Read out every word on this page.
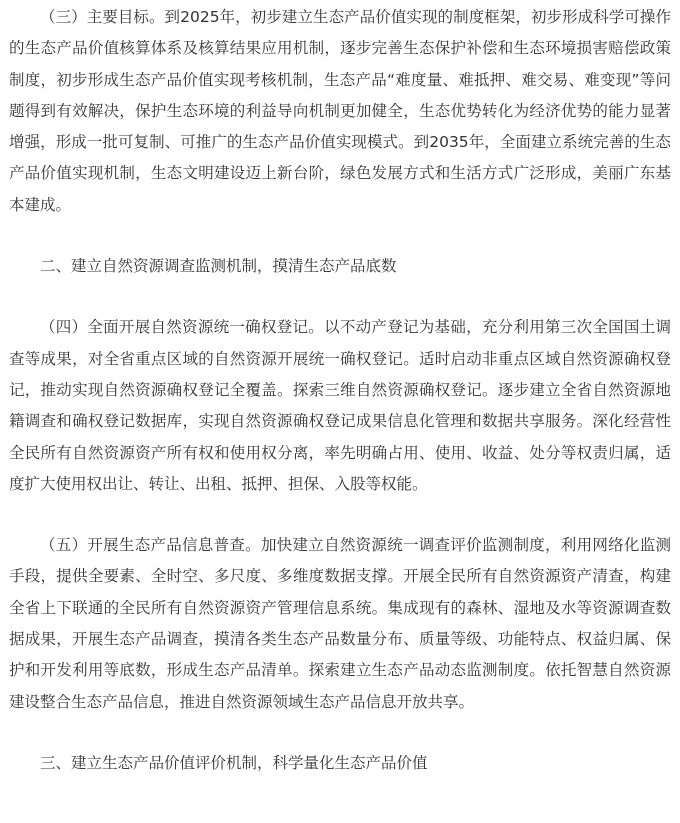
（三）主要目标。到2025年，初步建立生态产品价值实现的制度框架，初步形成科学可操作的生态产品价值核算体系及核算结果应用机制，逐步完善生态保护补偿和生态环境损害赔偿政策制度，初步形成生态产品价值实现考核机制，生态产品“难度量、难抵押、难交易、难变现”等问题得到有效解决，保护生态环境的利益导向机制更加健全，生态优势转化为经济优势的能力显著增强，形成一批可复制、可推广的生态产品价值实现模式。到2035年，全面建立系统完善的生态产品价值实现机制，生态文明建设迈上新台阶，绿色发展方式和生活方式广泛形成，美丽广东基本建成。

二、建立自然资源调查监测机制，摸清生态产品底数

（四）全面开展自然资源统一确权登记。以不动产登记为基础，充分利用第三次全国国土调查等成果，对全省重点区域的自然资源开展统一确权登记。适时启动非重点区域自然资源确权登记，推动实现自然资源确权登记全覆盖。探索三维自然资源确权登记。逐步建立全省自然资源地籍调查和确权登记数据库，实现自然资源确权登记成果信息化管理和数据共享服务。深化经营性全民所有自然资源资产所有权和使用权分离，率先明确占用、使用、收益、处分等权责归属，适度扩大使用权出让、转让、出租、抵押、担保、入股等权能。

（五）开展生态产品信息普查。加快建立自然资源统一调查评价监测制度，利用网络化监测手段，提供全要素、全时空、多尺度、多维度数据支撑。开展全民所有自然资源资产清查，构建全省上下联通的全民所有自然资源资产管理信息系统。集成现有的森林、湿地及水等资源调查数据成果，开展生态产品调查，摸清各类生态产品数量分布、质量等级、功能特点、权益归属、保护和开发利用等底数，形成生态产品清单。探索建立生态产品动态监测制度。依托智慧自然资源建设整合生态产品信息，推进自然资源领域生态产品信息开放共享。

三、建立生态产品价值评价机制，科学量化生态产品价值
